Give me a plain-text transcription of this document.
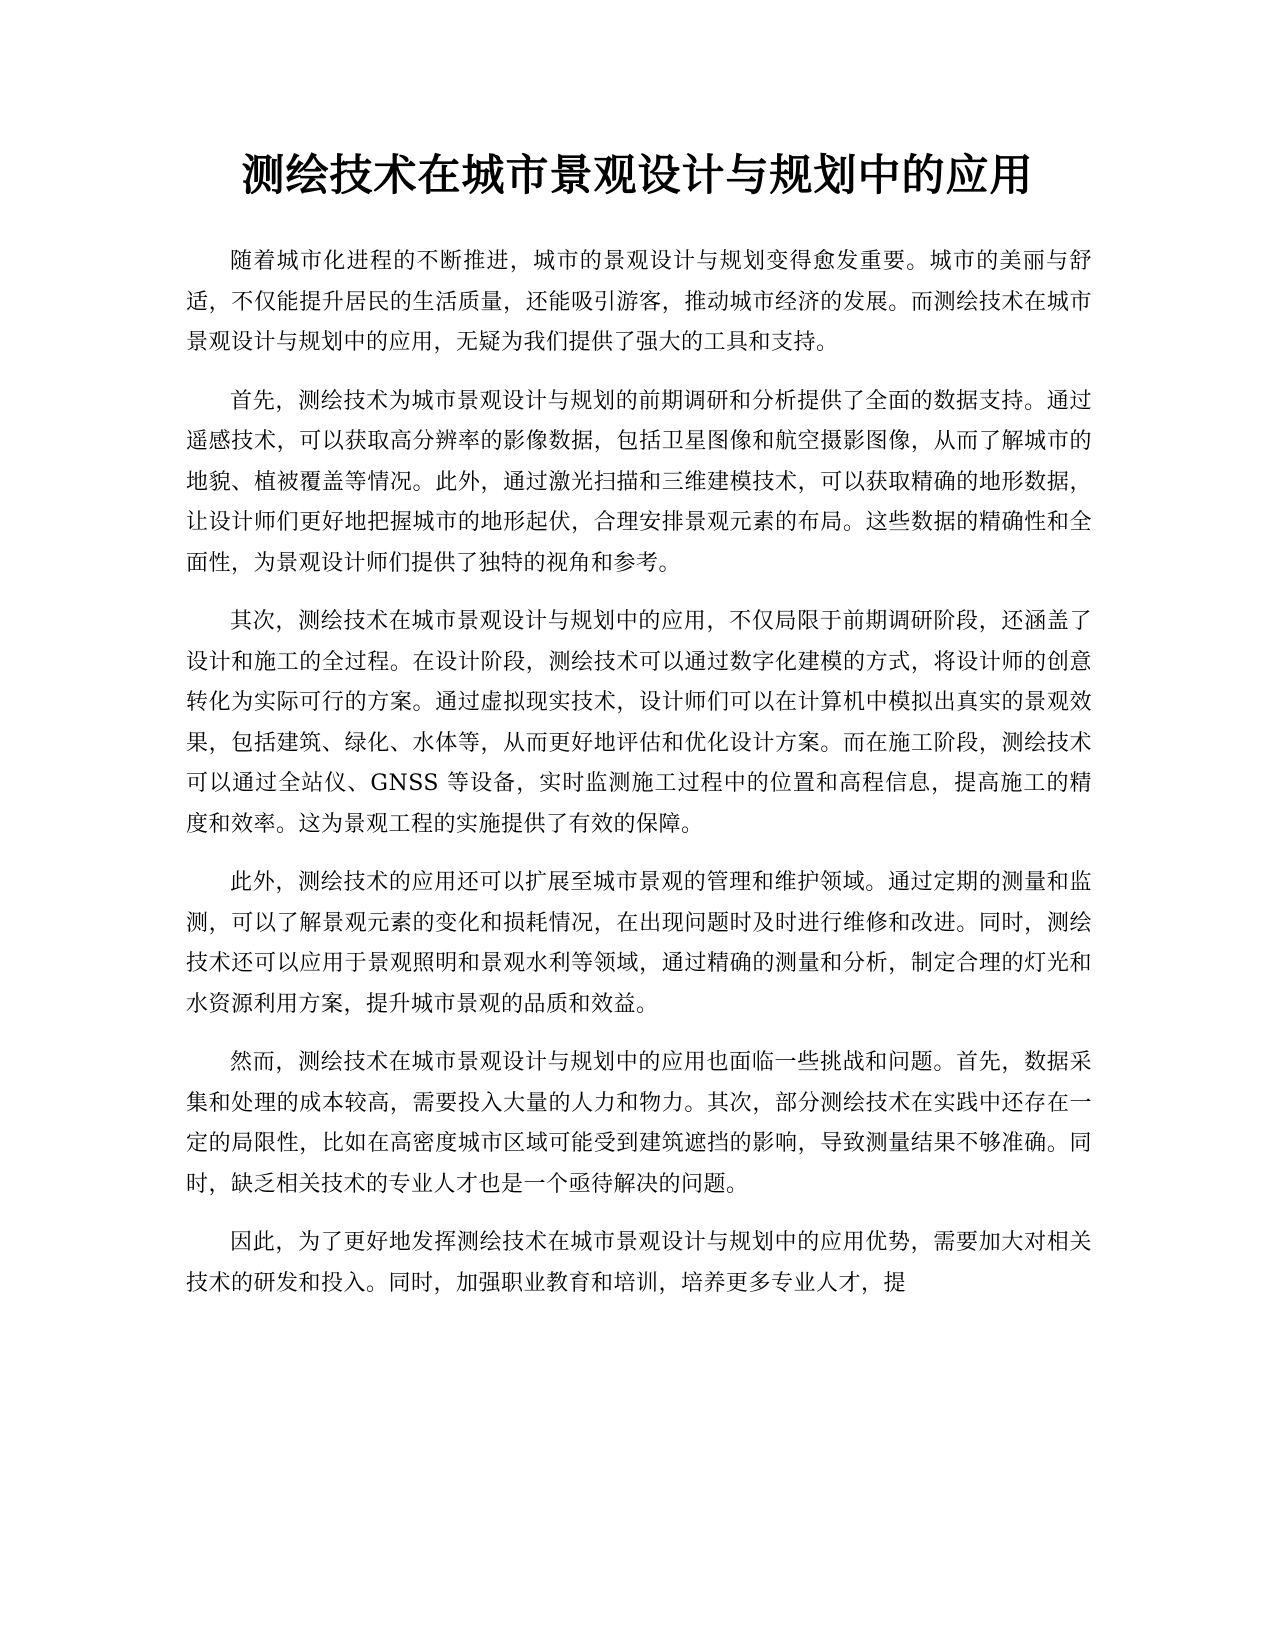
测绘技术在城市景观设计与规划中的应用

随着城市化进程的不断推进，城市的景观设计与规划变得愈发重要。城市的美丽与舒适，不仅能提升居民的生活质量，还能吸引游客，推动城市经济的发展。而测绘技术在城市景观设计与规划中的应用，无疑为我们提供了强大的工具和支持。

首先，测绘技术为城市景观设计与规划的前期调研和分析提供了全面的数据支持。通过遥感技术，可以获取高分辨率的影像数据，包括卫星图像和航空摄影图像，从而了解城市的地貌、植被覆盖等情况。此外，通过激光扫描和三维建模技术，可以获取精确的地形数据，让设计师们更好地把握城市的地形起伏，合理安排景观元素的布局。这些数据的精确性和全面性，为景观设计师们提供了独特的视角和参考。

其次，测绘技术在城市景观设计与规划中的应用，不仅局限于前期调研阶段，还涵盖了设计和施工的全过程。在设计阶段，测绘技术可以通过数字化建模的方式，将设计师的创意转化为实际可行的方案。通过虚拟现实技术，设计师们可以在计算机中模拟出真实的景观效果，包括建筑、绿化、水体等，从而更好地评估和优化设计方案。而在施工阶段，测绘技术可以通过全站仪、GNSS 等设备，实时监测施工过程中的位置和高程信息，提高施工的精度和效率。这为景观工程的实施提供了有效的保障。

此外，测绘技术的应用还可以扩展至城市景观的管理和维护领域。通过定期的测量和监测，可以了解景观元素的变化和损耗情况，在出现问题时及时进行维修和改进。同时，测绘技术还可以应用于景观照明和景观水利等领域，通过精确的测量和分析，制定合理的灯光和水资源利用方案，提升城市景观的品质和效益。

然而，测绘技术在城市景观设计与规划中的应用也面临一些挑战和问题。首先，数据采集和处理的成本较高，需要投入大量的人力和物力。其次，部分测绘技术在实践中还存在一定的局限性，比如在高密度城市区域可能受到建筑遮挡的影响，导致测量结果不够准确。同时，缺乏相关技术的专业人才也是一个亟待解决的问题。

因此，为了更好地发挥测绘技术在城市景观设计与规划中的应用优势，需要加大对相关技术的研发和投入。同时，加强职业教育和培训，培养更多专业人才，提
